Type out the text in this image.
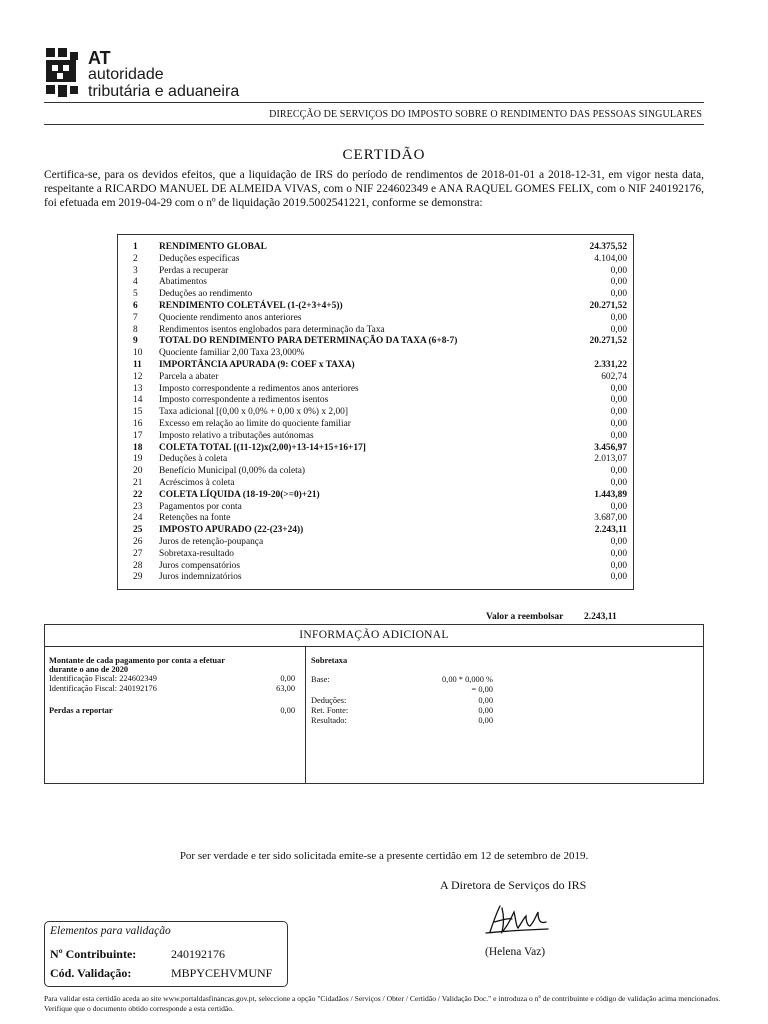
AT
autoridade
tributária e aduaneira
DIRECÇÃO DE SERVIÇOS DO IMPOSTO SOBRE O RENDIMENTO DAS PESSOAS SINGULARES
CERTIDÃO
Certifica-se, para os devidos efeitos, que a liquidação de IRS do período de rendimentos de 2018-01-01 a 2018-12-31, em vigor nesta data, respeitante a RICARDO MANUEL DE ALMEIDA VIVAS, com o NIF 224602349 e ANA RAQUEL GOMES FELIX, com o NIF 240192176, foi efetuada em 2019-04-29 com o nº de liquidação 2019.5002541221, conforme se demonstra:
1 RENDIMENTO GLOBAL	24.375,52
2 Deduções específicas	4.104,00
3 Perdas a recuperar	0,00
4 Abatimentos	0,00
5 Deduções ao rendimento	0,00
6 RENDIMENTO COLETÁVEL (1-(2+3+4+5))	20.271,52
7 Quociente rendimento anos anteriores	0,00
8 Rendimentos isentos englobados para determinação da Taxa	0,00
9 TOTAL DO RENDIMENTO PARA DETERMINAÇÃO DA TAXA (6+8-7)	20.271,52
10 Quociente familiar 2,00 Taxa 23,000%
11 IMPORTÂNCIA APURADA (9: COEF x TAXA)	2.331,22
12 Parcela a abater	602,74
13 Imposto correspondente a redimentos anos anteriores	0,00
14 Imposto correspondente a redimentos isentos	0,00
15 Taxa adicional [(0,00 x 0,0% + 0,00 x 0%) x 2,00]	0,00
16 Excesso em relação ao limite do quociente familiar	0,00
17 Imposto relativo a tributações autónomas	0,00
18 COLETA TOTAL [(11-12)x(2,00)+13-14+15+16+17]	3.456,97
19 Deduções à coleta	2.013,07
20 Benefício Municipal (0,00% da coleta)	0,00
21 Acréscimos à coleta	0,00
22 COLETA LÍQUIDA (18-19-20(>=0)+21)	1.443,89
23 Pagamentos por conta	0,00
24 Retenções na fonte	3.687,00
25 IMPOSTO APURADO (22-(23+24))	2.243,11
26 Juros de retenção-poupança	0,00
27 Sobretaxa-resultado	0,00
28 Juros compensatórios	0,00
29 Juros indemnizatórios	0,00
Valor a reembolsar 2.243,11
INFORMAÇÃO ADICIONAL
Montante de cada pagamento por conta a efetuar
durante o ano de 2020
Identificação Fiscal: 224602349	0,00
Identificação Fiscal: 240192176	63,00
Perdas a reportar	0,00
Sobretaxa
Base:	0,00 * 0,000 %
= 0,00
Deduções:	0,00
Ret. Fonte:	0,00
Resultado:	0,00
Por ser verdade e ter sido solicitada emite-se a presente certidão em 12 de setembro de 2019.
A Diretora de Serviços do IRS
(Helena Vaz)
Elementos para validação
Nº Contribuinte:	240192176
Cód. Validação:	MBPYCEHVMUNF
Para validar esta certidão aceda ao site www.portaldasfinancas.gov.pt, seleccione a opção "Cidadãos / Serviços / Obter / Certidão / Validação Doc." e introduza o nº de contribuinte e código de validação acima mencionados. Verifique que o documento obtido corresponde a esta certidão.
